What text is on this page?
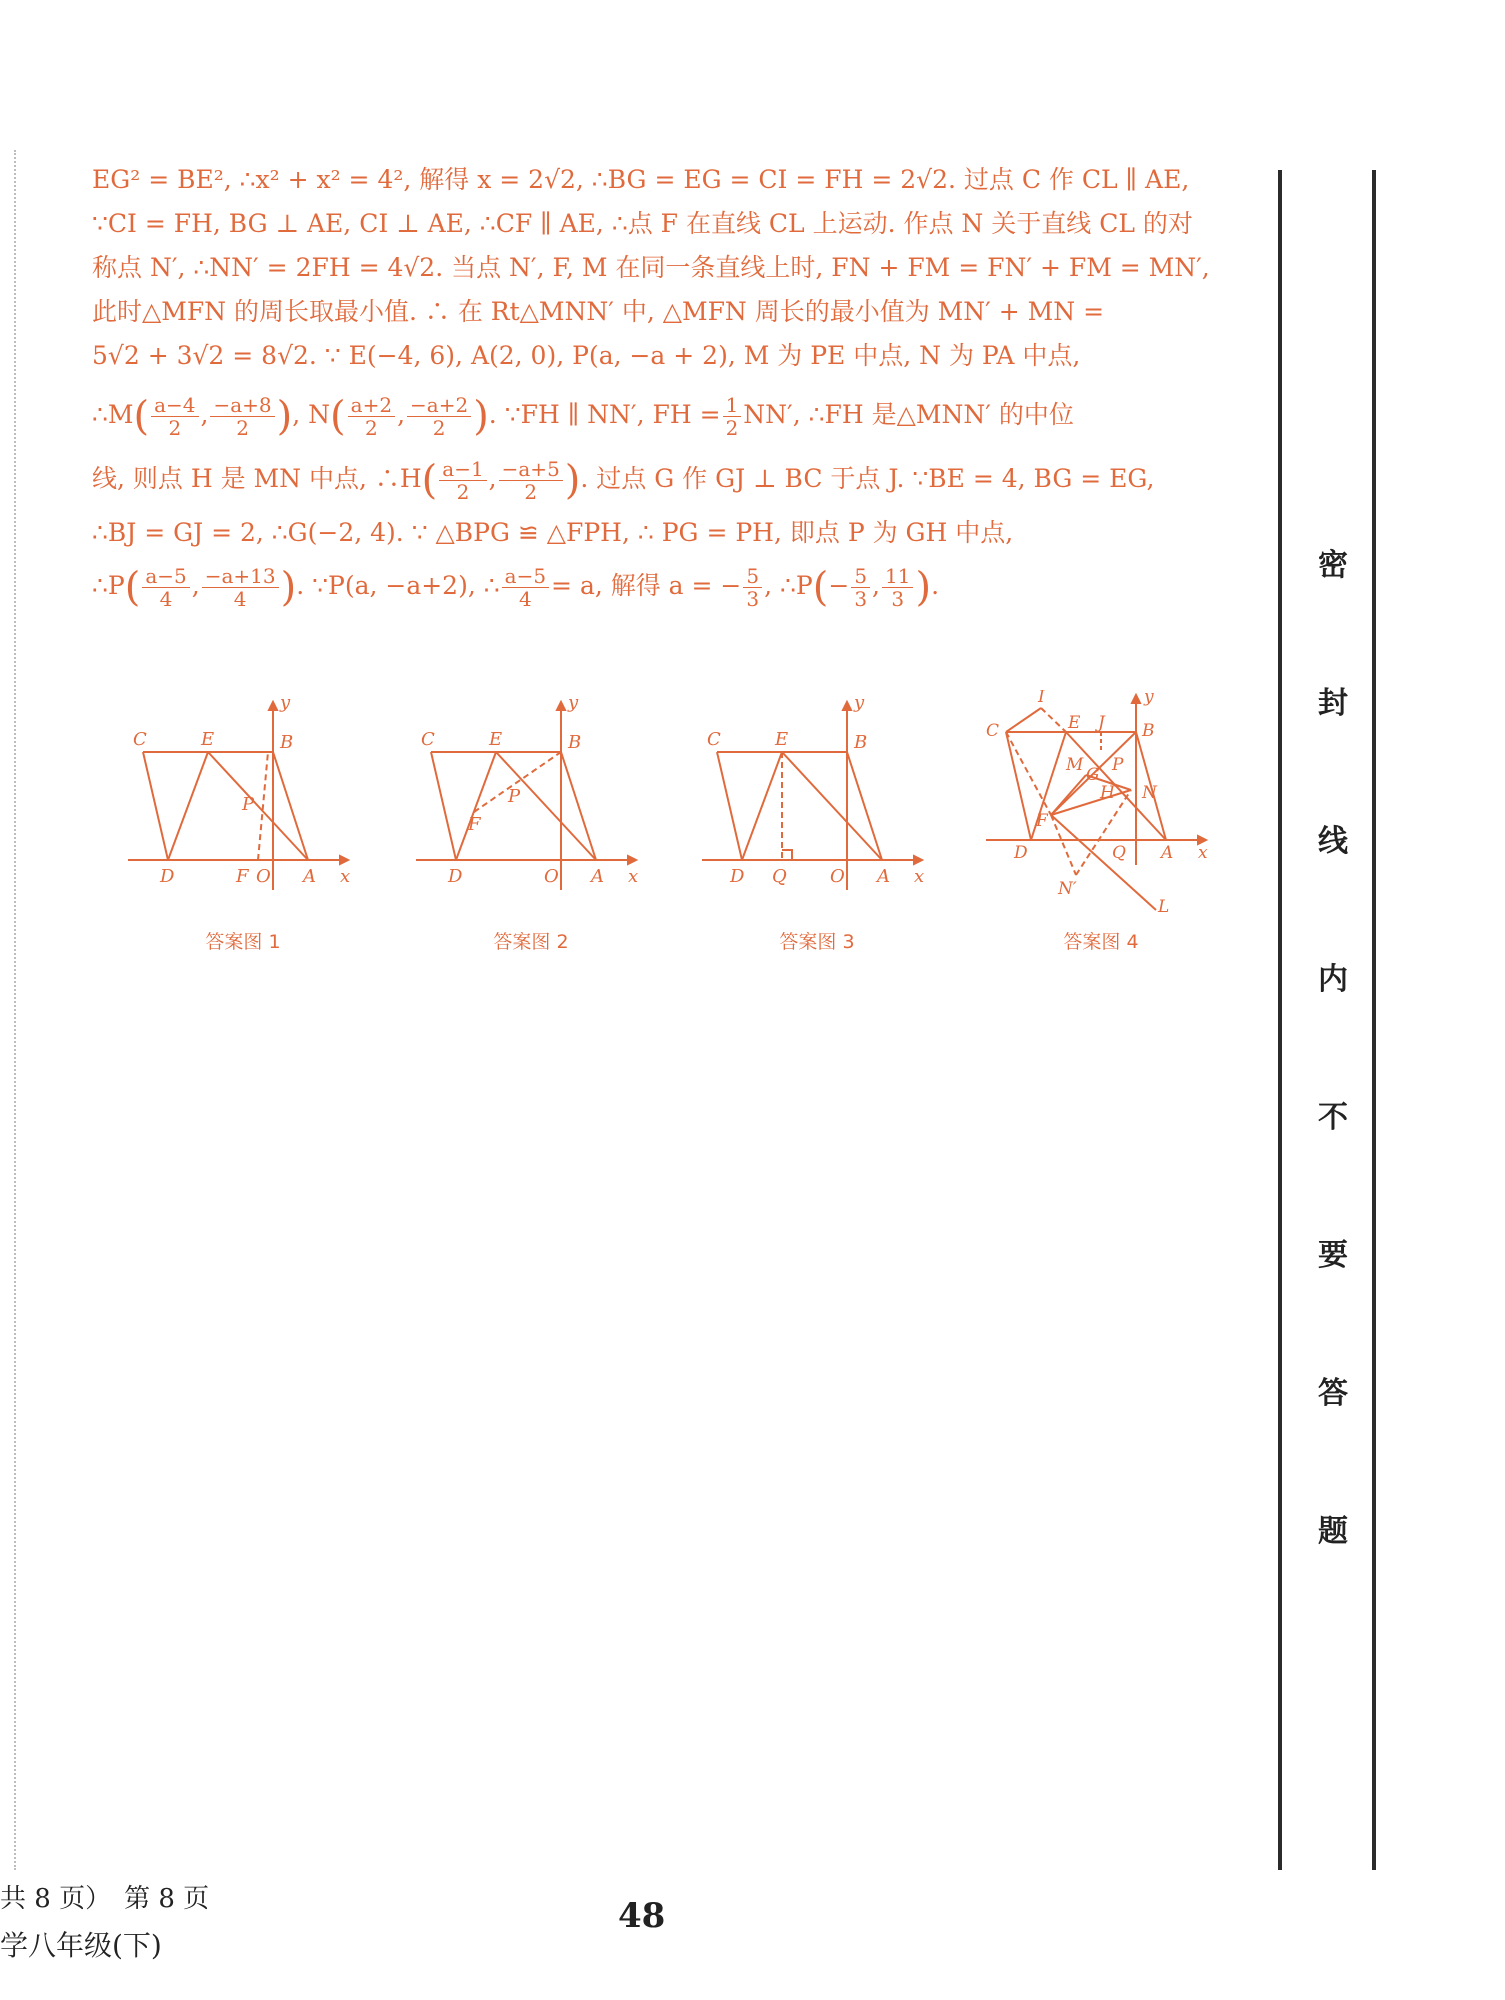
EG² = BE², ∴x² + x² = 4², 解得 x = 2√2, ∴BG = EG = CI = FH = 2√2. 过点 C 作 CL ∥ AE,
∵CI = FH, BG ⊥ AE, CI ⊥ AE, ∴CF ∥ AE, ∴点 F 在直线 CL 上运动. 作点 N 关于直线 CL 的对
称点 N′, ∴NN′ = 2FH = 4√2. 当点 N′, F, M 在同一条直线上时, FN + FM = FN′ + FM = MN′,
此时△MFN 的周长取最小值. ∴ 在 Rt△MNN′ 中, △MFN 周长的最小值为 MN′ + MN =
5√2 + 3√2 = 8√2. ∵ E(−4, 6), A(2, 0), P(a, −a + 2), M 为 PE 中点, N 为 PA 中点,
∴M( $\frac{a-4}{2}$ , $\frac{-a+8}{2}$ ), $N( \frac{a+2}{2}$ , $\frac{-a+2}{2}$ ). ∵FH ∥ NN′, FH = $\frac{1}{2} NN'$, ∴FH 是△MNN′ 的中位
线, 则点 H 是 MN 中点, ∴H( $\frac{a-1}{2}$ , $\frac{-a+5}{2}$ ). 过点 G 作 GJ ⊥ BC 于点 J. ∵BE = 4, BG = EG,
∴BJ = GJ = 2, ∴G(−2, 4). ∵ △BPG ≌ △FPH, ∴ PG = PH, 即点 P 为 GH 中点,
∴P( $\frac{a-5}{4}$ , $\frac{-a+13}{4}$ ). ∵P(a, −a+2), ∴ $\frac{a-5}{4} = a$, 解得 a = − $\frac{5}{3}$ , ∴P(− $\frac{5}{3}$ , $\frac{11}{3}$ ).
y
C	E	B
P
D	F O A x
答案图 1
y
C	E	B
P
F
D	O A x
答案图 2
y
C	E	B
D Q O A x
答案图 3
I	y
C	E J B
M G P
H N
F
D	Q A x
N′
L
答案图 4
密
封
线
内
不
要
答
题
共 8 页）　第 8 页
学八年级(下)
48
